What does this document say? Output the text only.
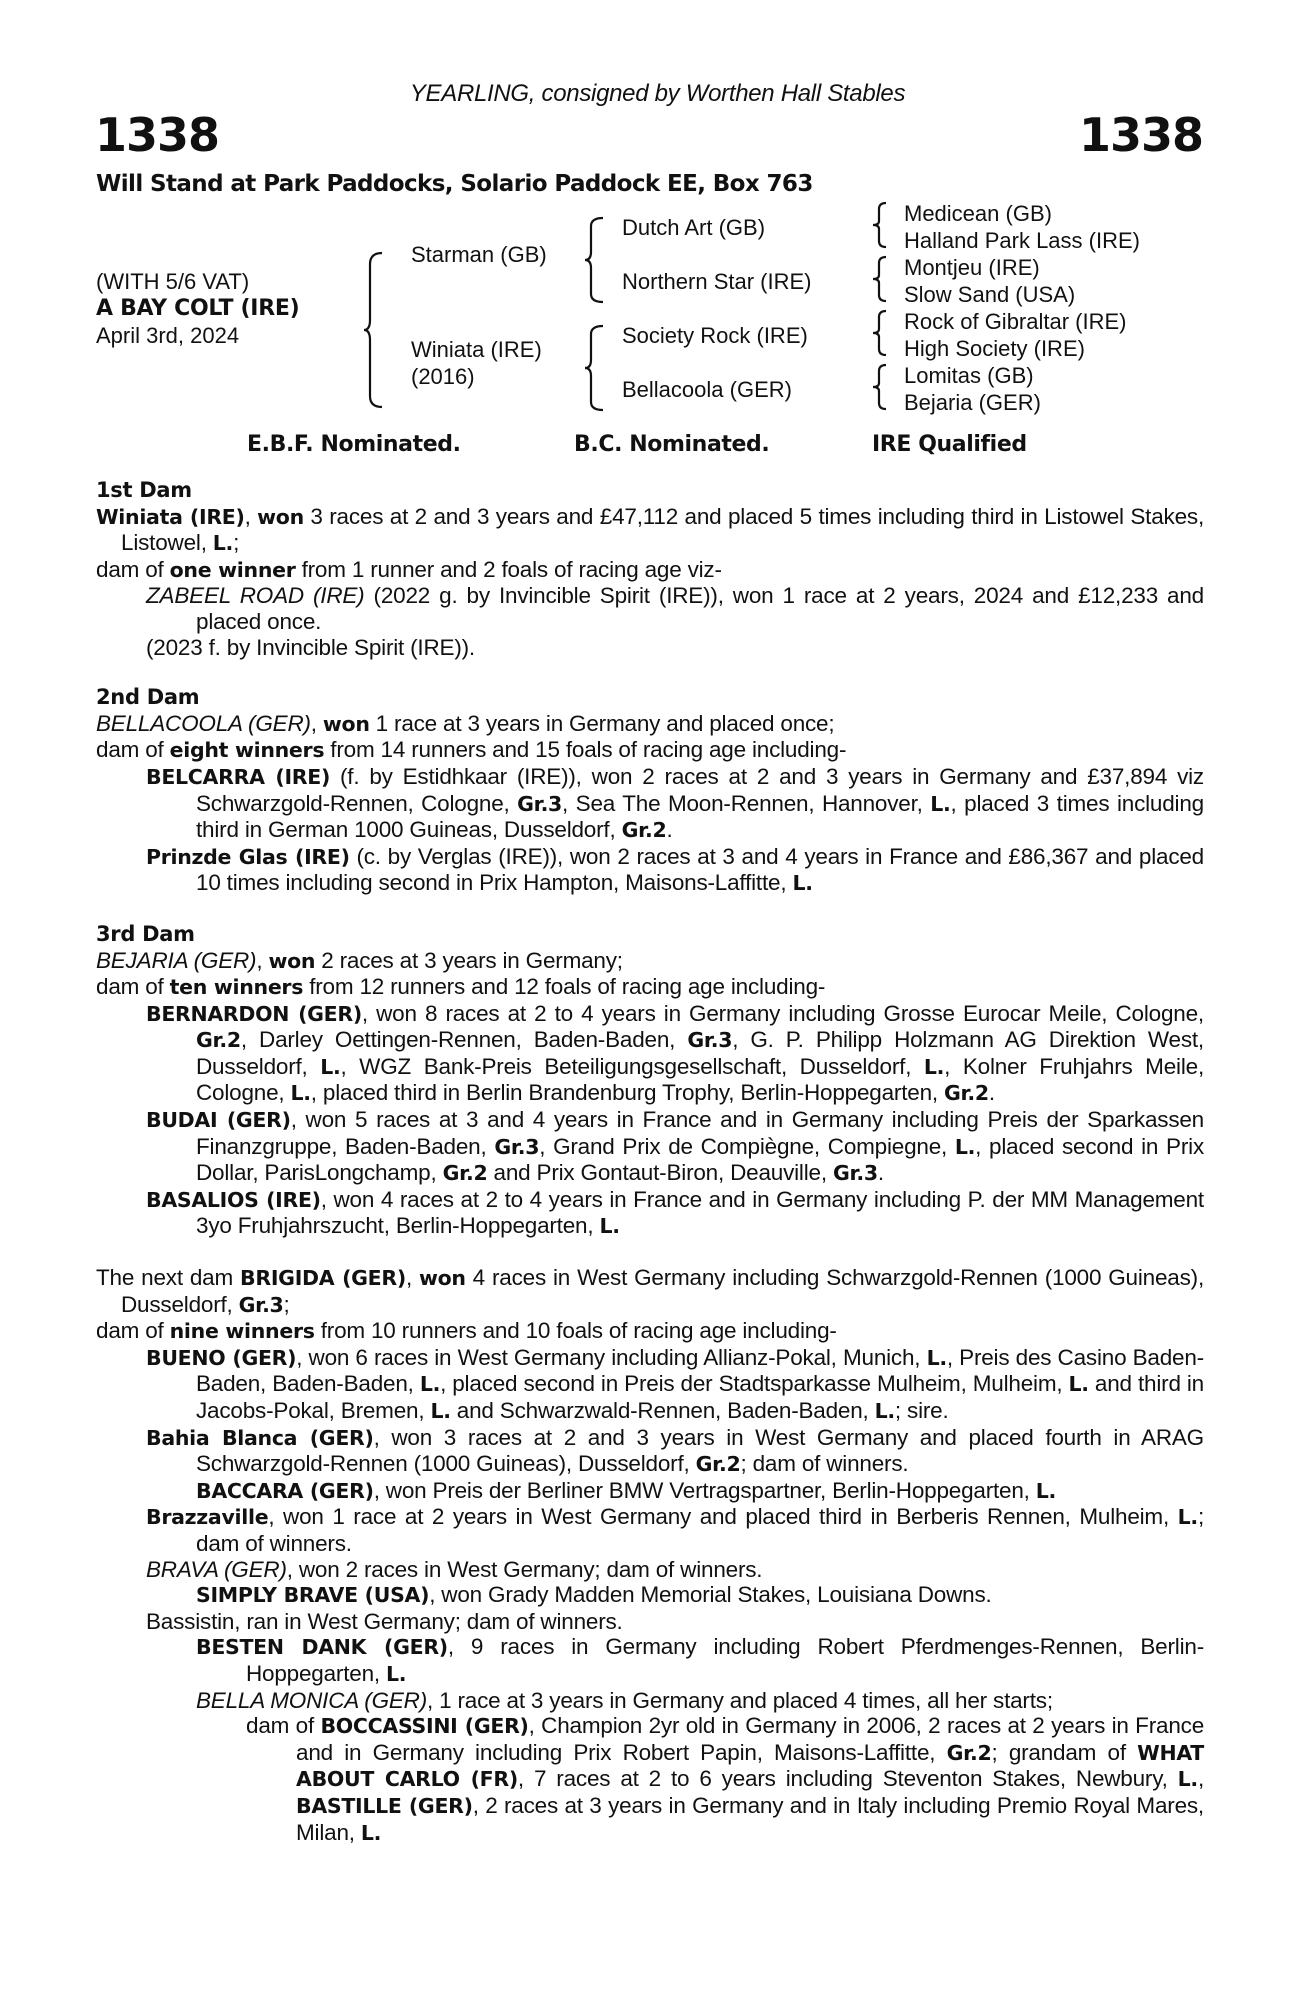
YEARLING, consigned by Worthen Hall Stables
1338	1338
Will Stand at Park Paddocks, Solario Paddock EE, Box 763
(WITH 5/6 VAT)
A BAY COLT (IRE)
April 3rd, 2024
Starman (GB)
Winiata (IRE)
(2016)
Dutch Art (GB)
Northern Star (IRE)
Society Rock (IRE)
Bellacoola (GER)
Medicean (GB)
Halland Park Lass (IRE)
Montjeu (IRE)
Slow Sand (USA)
Rock of Gibraltar (IRE)
High Society (IRE)
Lomitas (GB)
Bejaria (GER)
E.B.F. Nominated.	B.C. Nominated.	IRE Qualified
1st Dam
Winiata (IRE), won 3 races at 2 and 3 years and £47,112 and placed 5 times including third in Listowel Stakes, Listowel, L.;
dam of one winner from 1 runner and 2 foals of racing age viz-
ZABEEL ROAD (IRE) (2022 g. by Invincible Spirit (IRE)), won 1 race at 2 years, 2024 and £12,233 and placed once.
(2023 f. by Invincible Spirit (IRE)).
2nd Dam
BELLACOOLA (GER), won 1 race at 3 years in Germany and placed once;
dam of eight winners from 14 runners and 15 foals of racing age including-
BELCARRA (IRE) (f. by Estidhkaar (IRE)), won 2 races at 2 and 3 years in Germany and £37,894 viz Schwarzgold-Rennen, Cologne, Gr.3, Sea The Moon-Rennen, Hannover, L., placed 3 times including third in German 1000 Guineas, Dusseldorf, Gr.2.
Prinzde Glas (IRE) (c. by Verglas (IRE)), won 2 races at 3 and 4 years in France and £86,367 and placed 10 times including second in Prix Hampton, Maisons-Laffitte, L.
3rd Dam
BEJARIA (GER), won 2 races at 3 years in Germany;
dam of ten winners from 12 runners and 12 foals of racing age including-
BERNARDON (GER), won 8 races at 2 to 4 years in Germany including Grosse Eurocar Meile, Cologne, Gr.2, Darley Oettingen-Rennen, Baden-Baden, Gr.3, G. P. Philipp Holzmann AG Direktion West, Dusseldorf, L., WGZ Bank-Preis Beteiligungsgesellschaft, Dusseldorf, L., Kolner Fruhjahrs Meile, Cologne, L., placed third in Berlin Brandenburg Trophy, Berlin-Hoppegarten, Gr.2.
BUDAI (GER), won 5 races at 3 and 4 years in France and in Germany including Preis der Sparkassen Finanzgruppe, Baden-Baden, Gr.3, Grand Prix de Compiègne, Compiegne, L., placed second in Prix Dollar, ParisLongchamp, Gr.2 and Prix Gontaut-Biron, Deauville, Gr.3.
BASALIOS (IRE), won 4 races at 2 to 4 years in France and in Germany including P. der MM Management 3yo Fruhjahrszucht, Berlin-Hoppegarten, L.
The next dam BRIGIDA (GER), won 4 races in West Germany including Schwarzgold-Rennen (1000 Guineas), Dusseldorf, Gr.3;
dam of nine winners from 10 runners and 10 foals of racing age including-
BUENO (GER), won 6 races in West Germany including Allianz-Pokal, Munich, L., Preis des Casino Baden-Baden, Baden-Baden, L., placed second in Preis der Stadtsparkasse Mulheim, Mulheim, L. and third in Jacobs-Pokal, Bremen, L. and Schwarzwald-Rennen, Baden-Baden, L.; sire.
Bahia Blanca (GER), won 3 races at 2 and 3 years in West Germany and placed fourth in ARAG Schwarzgold-Rennen (1000 Guineas), Dusseldorf, Gr.2; dam of winners.
BACCARA (GER), won Preis der Berliner BMW Vertragspartner, Berlin-Hoppegarten, L.
Brazzaville, won 1 race at 2 years in West Germany and placed third in Berberis Rennen, Mulheim, L.; dam of winners.
BRAVA (GER), won 2 races in West Germany; dam of winners.
SIMPLY BRAVE (USA), won Grady Madden Memorial Stakes, Louisiana Downs.
Bassistin, ran in West Germany; dam of winners.
BESTEN DANK (GER), 9 races in Germany including Robert Pferdmenges-Rennen, Berlin-Hoppegarten, L.
BELLA MONICA (GER), 1 race at 3 years in Germany and placed 4 times, all her starts;
dam of BOCCASSINI (GER), Champion 2yr old in Germany in 2006, 2 races at 2 years in France and in Germany including Prix Robert Papin, Maisons-Laffitte, Gr.2; grandam of WHAT ABOUT CARLO (FR), 7 races at 2 to 6 years including Steventon Stakes, Newbury, L., BASTILLE (GER), 2 races at 3 years in Germany and in Italy including Premio Royal Mares, Milan, L.
